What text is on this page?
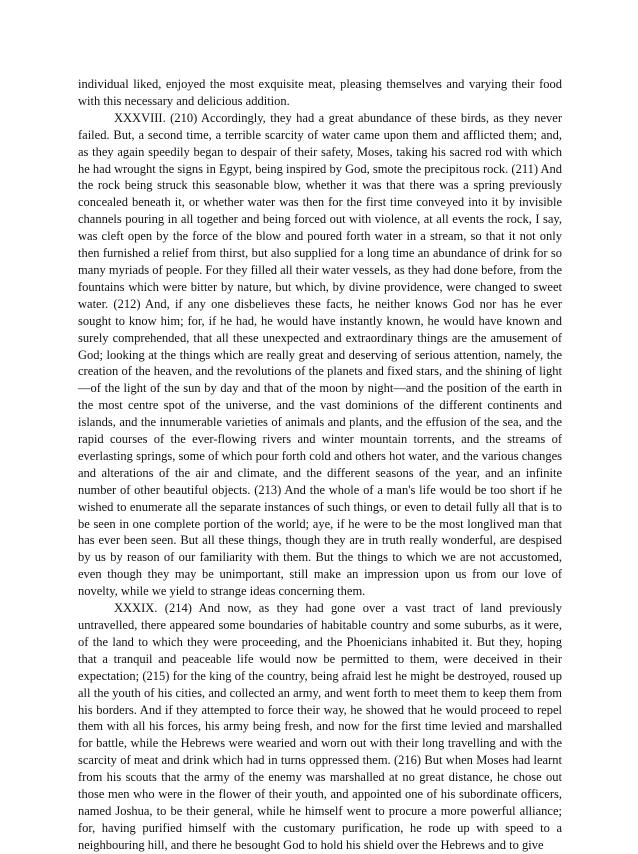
individual liked, enjoyed the most exquisite meat, pleasing themselves and varying their food with this necessary and delicious addition.

XXXVIII. (210) Accordingly, they had a great abundance of these birds, as they never failed. But, a second time, a terrible scarcity of water came upon them and afflicted them; and, as they again speedily began to despair of their safety, Moses, taking his sacred rod with which he had wrought the signs in Egypt, being inspired by God, smote the precipitous rock. (211) And the rock being struck this seasonable blow, whether it was that there was a spring previously concealed beneath it, or whether water was then for the first time conveyed into it by invisible channels pouring in all together and being forced out with violence, at all events the rock, I say, was cleft open by the force of the blow and poured forth water in a stream, so that it not only then furnished a relief from thirst, but also supplied for a long time an abundance of drink for so many myriads of people. For they filled all their water vessels, as they had done before, from the fountains which were bitter by nature, but which, by divine providence, were changed to sweet water. (212) And, if any one disbelieves these facts, he neither knows God nor has he ever sought to know him; for, if he had, he would have instantly known, he would have known and surely comprehended, that all these unexpected and extraordinary things are the amusement of God; looking at the things which are really great and deserving of serious attention, namely, the creation of the heaven, and the revolutions of the planets and fixed stars, and the shining of light—of the light of the sun by day and that of the moon by night—and the position of the earth in the most centre spot of the universe, and the vast dominions of the different continents and islands, and the innumerable varieties of animals and plants, and the effusion of the sea, and the rapid courses of the ever-flowing rivers and winter mountain torrents, and the streams of everlasting springs, some of which pour forth cold and others hot water, and the various changes and alterations of the air and climate, and the different seasons of the year, and an infinite number of other beautiful objects. (213) And the whole of a man's life would be too short if he wished to enumerate all the separate instances of such things, or even to detail fully all that is to be seen in one complete portion of the world; aye, if he were to be the most longlived man that has ever been seen. But all these things, though they are in truth really wonderful, are despised by us by reason of our familiarity with them. But the things to which we are not accustomed, even though they may be unimportant, still make an impression upon us from our love of novelty, while we yield to strange ideas concerning them.

XXXIX. (214) And now, as they had gone over a vast tract of land previously untravelled, there appeared some boundaries of habitable country and some suburbs, as it were, of the land to which they were proceeding, and the Phoenicians inhabited it. But they, hoping that a tranquil and peaceable life would now be permitted to them, were deceived in their expectation; (215) for the king of the country, being afraid lest he might be destroyed, roused up all the youth of his cities, and collected an army, and went forth to meet them to keep them from his borders. And if they attempted to force their way, he showed that he would proceed to repel them with all his forces, his army being fresh, and now for the first time levied and marshalled for battle, while the Hebrews were wearied and worn out with their long travelling and with the scarcity of meat and drink which had in turns oppressed them. (216) But when Moses had learnt from his scouts that the army of the enemy was marshalled at no great distance, he chose out those men who were in the flower of their youth, and appointed one of his subordinate officers, named Joshua, to be their general, while he himself went to procure a more powerful alliance; for, having purified himself with the customary purification, he rode up with speed to a neighbouring hill, and there he besought God to hold his shield over the Hebrews and to give
